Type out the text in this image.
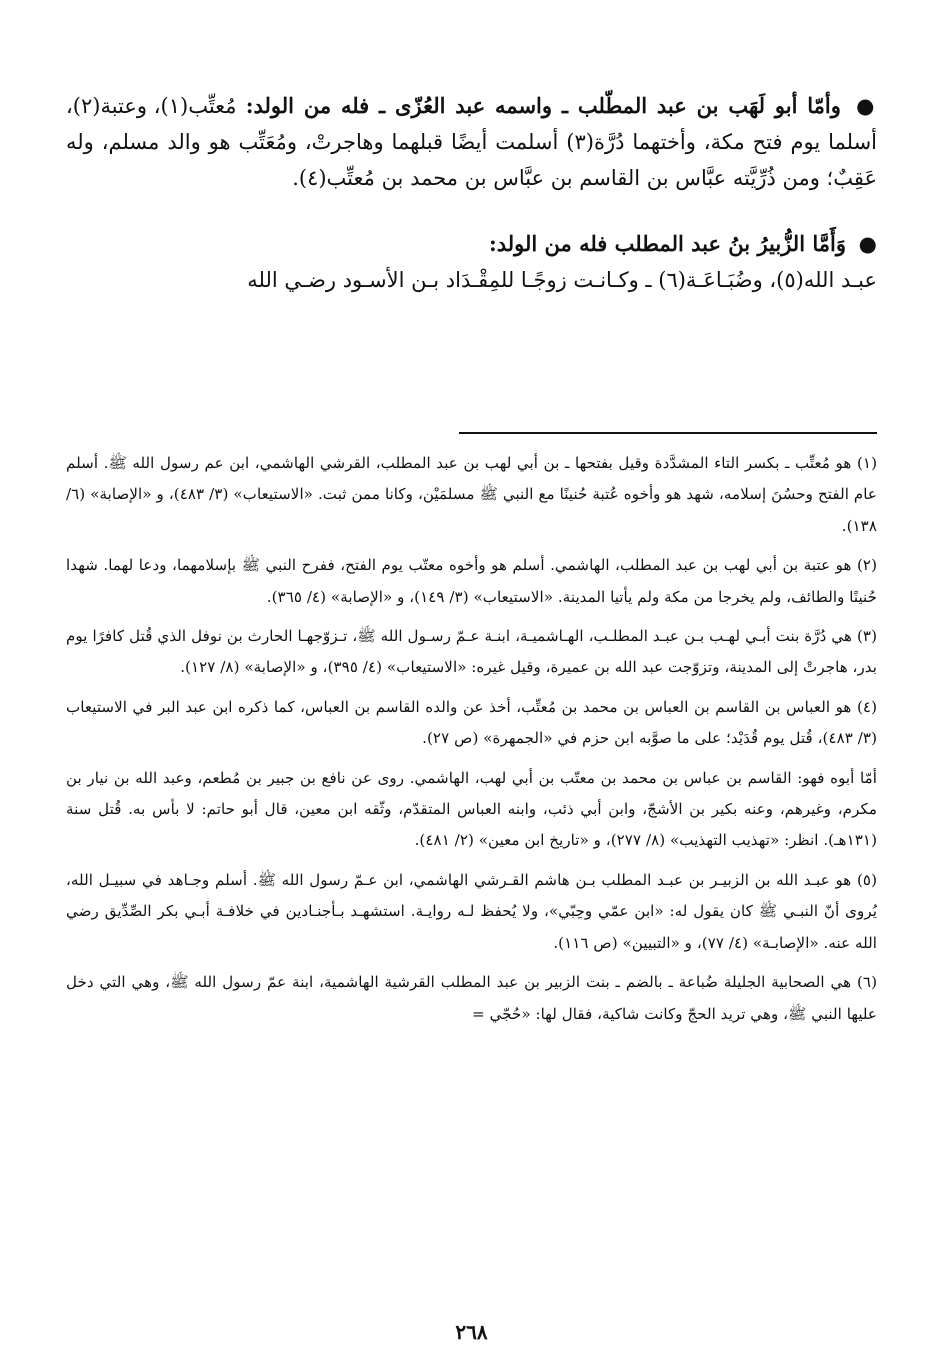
● وأمّا أبو لَهَب بن عبد المطّلب ـ واسمه عبد العُزّى ـ فله من الولد: مُعتِّب(١)، وعتبة(٢)، أسلما يوم فتح مكة، وأختهما دُرَّة(٣) أسلمت أيضًا قبلهما وهاجرتْ، ومُعَتِّب هو والد مسلم، وله عَقِبٌ؛ ومن ذُرِّيَّته عبَّاس بن القاسم بن عبَّاس بن محمد بن مُعتِّب(٤).

● وَأَمَّا الزُّبيرُ بنُ عبد المطلب فله من الولد:
عبـد الله(٥)، وضُبَـاعَـة(٦) ـ وكـانـت زوجًـا للمِقْـدَاد بـن الأسـود رضـي الله

(١) هو مُعتِّب ـ بكسر التاء المشدَّدة وقيل بفتحها ـ بن أبي لهب بن عبد المطلب، القرشي الهاشمي، ابن عم رسول الله ﷺ. أسلم عام الفتح وحسُنَ إسلامه، شهد هو وأخوه عُتبة حُنينًا مع النبي ﷺ مسلمَيْن، وكانا ممن ثبت. «الاستيعاب» (٣/ ٤٨٣)، و «الإصابة» (٦/ ١٣٨).

(٢) هو عتبة بن أبي لهب بن عبد المطلب، الهاشمي. أسلم هو وأخوه معتّب يوم الفتح، ففرح النبي ﷺ بإسلامهما، ودعا لهما. شهدا حُنينًا والطائف، ولم يخرجا من مكة ولم يأتيا المدينة. «الاستيعاب» (٣/ ١٤٩)، و «الإصابة» (٤/ ٣٦٥).

(٣) هي دُرَّة بنت أبـي لهـب بـن عبـد المطلـب، الهـاشميـة، ابنـة عـمّ رسـول الله ﷺ، تـزوّجهـا الحارث بن نوفل الذي قُتل كافرًا يوم بدر، هاجرتْ إلى المدينة، وتزوّجت عبد الله بن عميرة، وقيل غيره: «الاستيعاب» (٤/ ٣٩٥)، و «الإصابة» (٨/ ١٢٧).

(٤) هو العباس بن القاسم بن العباس بن محمد بن مُعتِّب، أخذ عن والده القاسم بن العباس، كما ذكره ابن عبد البر في الاستيعاب (٣/ ٤٨٣)، قُتل يوم قُدَيْد؛ على ما صوَّبه ابن حزم في «الجمهرة» (ص ٢٧).

أمّا أبوه فهو: القاسم بن عباس بن محمد بن معتّب بن أبي لهب، الهاشمي. روى عن نافع بن جبير بن مُطعم، وعبد الله بن نيار بن مكرم، وغيرهم، وعنه بكير بن الأشجّ، وابن أبي ذئب، وابنه العباس المتقدّم، وثّقه ابن معين، قال أبو حاتم: لا بأس به. قُتل سنة (١٣١هـ). انظر: «تهذيب التهذيب» (٨/ ٢٧٧)، و «تاريخ ابن معين» (٢/ ٤٨١).

(٥) هو عبـد الله بن الزبيـر بن عبـد المطلب بـن هاشم القـرشي الهاشمي، ابن عـمّ رسول الله ﷺ. أسلم وجـاهد في سبيـل الله، يُروى أنّ النبـي ﷺ كان يقول له: «ابن عمّي وحِبّي»، ولا يُحفظ لـه روايـة. استشهـد بـأجنـادين في خلافـة أبـي بكر الصِّدِّيق رضي الله عنه. «الإصابـة» (٤/ ٧٧)، و «التبيين» (ص ١١٦).

(٦) هي الصحابية الجليلة ضُباعة ـ بالضم ـ بنت الزبير بن عبد المطلب القرشية الهاشمية، ابنة عمّ رسول الله ﷺ، وهي التي دخل عليها النبي ﷺ، وهي تريد الحجّ وكانت شاكية، فقال لها: «حُجّي =

٢٦٨
